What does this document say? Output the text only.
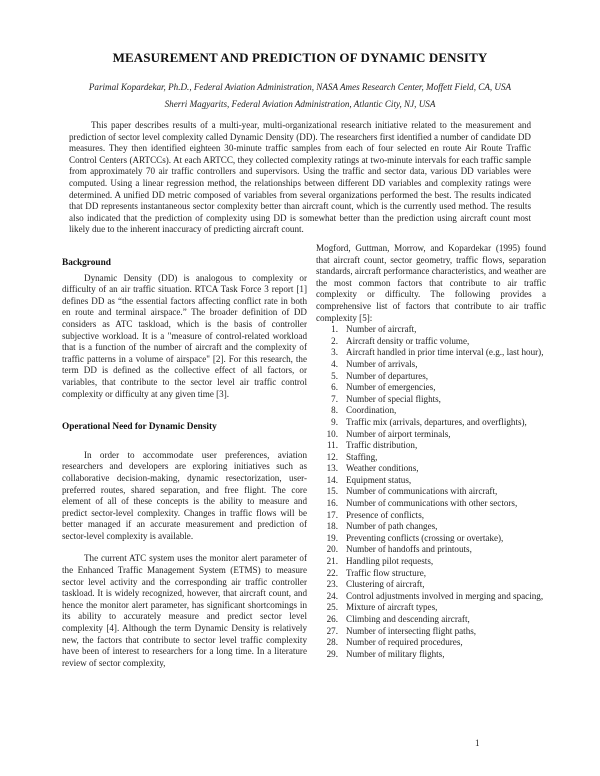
MEASUREMENT AND PREDICTION OF DYNAMIC DENSITY
Parimal Kopardekar, Ph.D., Federal Aviation Administration, NASA Ames Research Center, Moffett Field, CA, USA
Sherri Magyarits, Federal Aviation Administration, Atlantic City, NJ, USA

This paper describes results of a multi-year, multi-organizational research initiative related to the measurement and prediction of sector level complexity called Dynamic Density (DD). The researchers first identified a number of candidate DD measures. They then identified eighteen 30-minute traffic samples from each of four selected en route Air Route Traffic Control Centers (ARTCCs). At each ARTCC, they collected complexity ratings at two-minute intervals for each traffic sample from approximately 70 air traffic controllers and supervisors. Using the traffic and sector data, various DD variables were computed. Using a linear regression method, the relationships between different DD variables and complexity ratings were determined. A unified DD metric composed of variables from several organizations performed the best. The results indicated that DD represents instantaneous sector complexity better than aircraft count, which is the currently used method. The results also indicated that the prediction of complexity using DD is somewhat better than the prediction using aircraft count most likely due to the inherent inaccuracy of predicting aircraft count.

Background

Dynamic Density (DD) is analogous to complexity or difficulty of an air traffic situation. RTCA Task Force 3 report [1] defines DD as “the essential factors affecting conflict rate in both en route and terminal airspace.” The broader definition of DD considers as ATC taskload, which is the basis of controller subjective workload. It is a "measure of control-related workload that is a function of the number of aircraft and the complexity of traffic patterns in a volume of airspace" [2]. For this research, the term DD is defined as the collective effect of all factors, or variables, that contribute to the sector level air traffic control complexity or difficulty at any given time [3].

Operational Need for Dynamic Density

In order to accommodate user preferences, aviation researchers and developers are exploring initiatives such as collaborative decision-making, dynamic resectorization, user-preferred routes, shared separation, and free flight. The core element of all of these concepts is the ability to measure and predict sector-level complexity. Changes in traffic flows will be better managed if an accurate measurement and prediction of sector-level complexity is available.

The current ATC system uses the monitor alert parameter of the Enhanced Traffic Management System (ETMS) to measure sector level activity and the corresponding air traffic controller taskload. It is widely recognized, however, that aircraft count, and hence the monitor alert parameter, has significant shortcomings in its ability to accurately measure and predict sector level complexity [4]. Although the term Dynamic Density is relatively new, the factors that contribute to sector level traffic complexity have been of interest to researchers for a long time. In a literature review of sector complexity,

Mogford, Guttman, Morrow, and Kopardekar (1995) found that aircraft count, sector geometry, traffic flows, separation standards, aircraft performance characteristics, and weather are the most common factors that contribute to air traffic complexity or difficulty. The following provides a comprehensive list of factors that contribute to air traffic complexity [5]:

1. Number of aircraft,
2. Aircraft density or traffic volume,
3. Aircraft handled in prior time interval (e.g., last hour),
4. Number of arrivals,
5. Number of departures,
6. Number of emergencies,
7. Number of special flights,
8. Coordination,
9. Traffic mix (arrivals, departures, and overflights),
10. Number of airport terminals,
11. Traffic distribution,
12. Staffing,
13. Weather conditions,
14. Equipment status,
15. Number of communications with aircraft,
16. Number of communications with other sectors,
17. Presence of conflicts,
18. Number of path changes,
19. Preventing conflicts (crossing or overtake),
20. Number of handoffs and printouts,
21. Handling pilot requests,
22. Traffic flow structure,
23. Clustering of aircraft,
24. Control adjustments involved in merging and spacing,
25. Mixture of aircraft types,
26. Climbing and descending aircraft,
27. Number of intersecting flight paths,
28. Number of required procedures,
29. Number of military flights,
1
